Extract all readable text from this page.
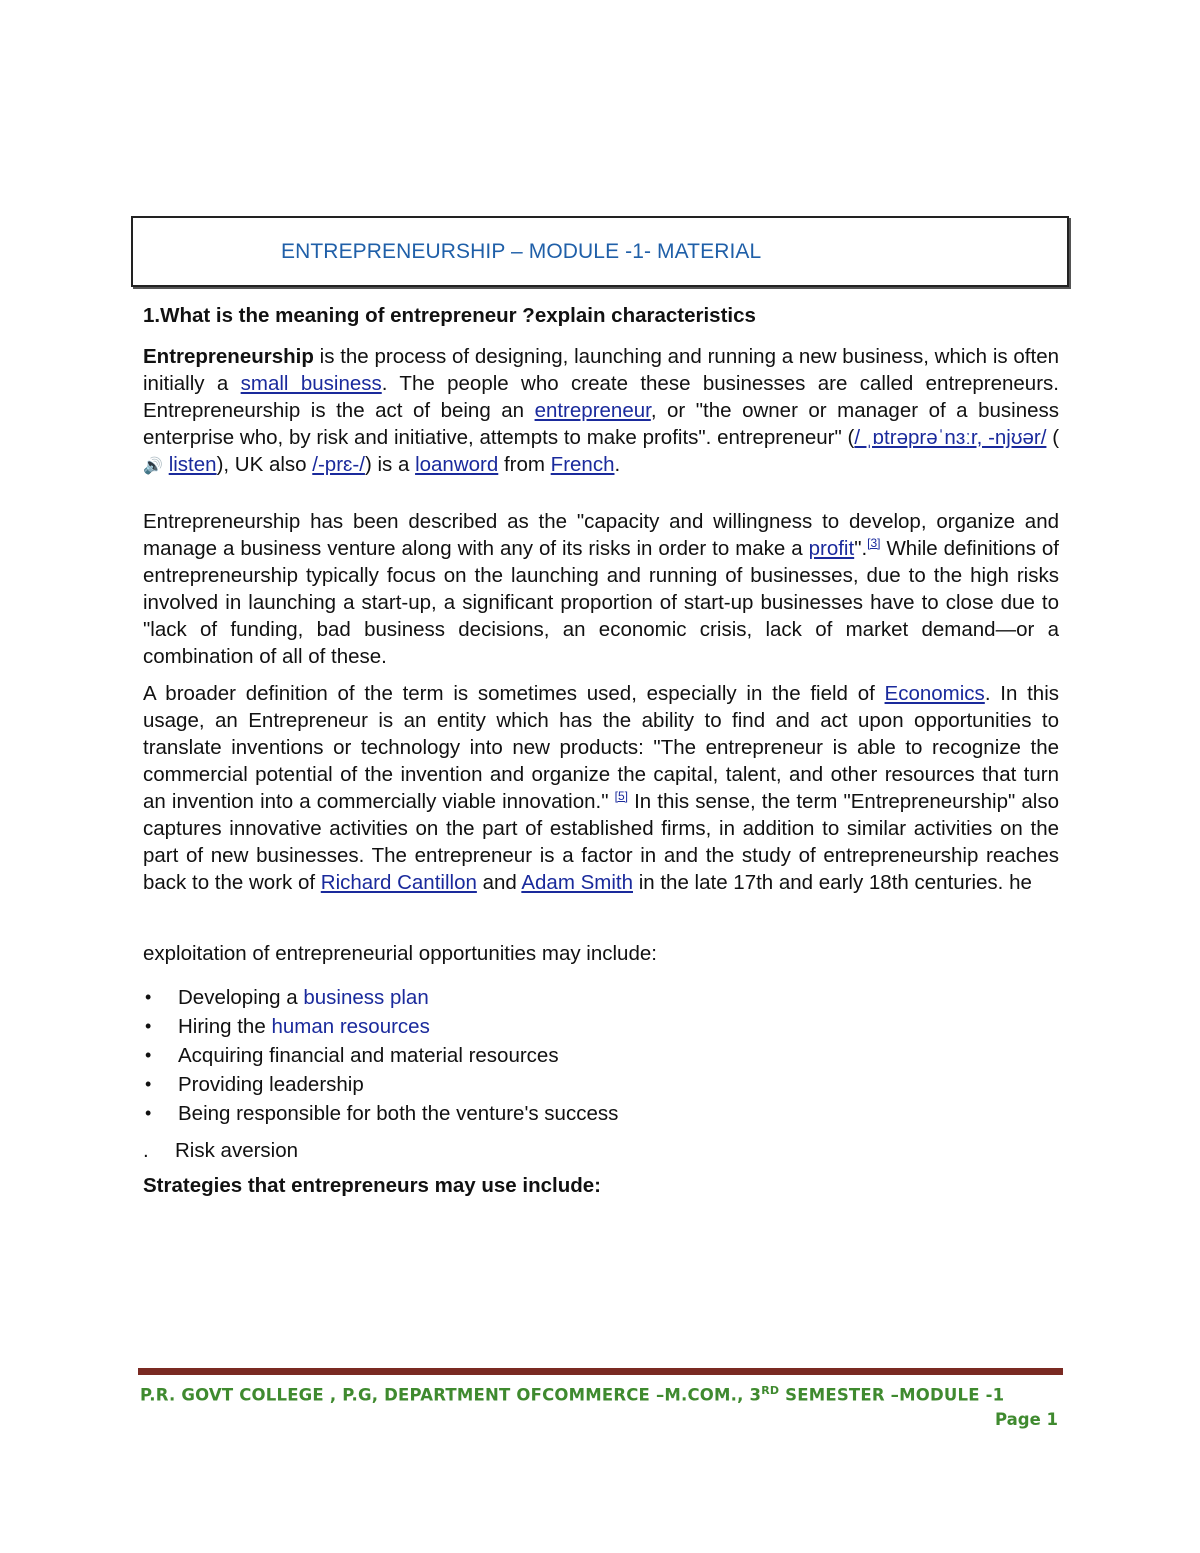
ENTREPRENEURSHIP – MODULE -1- MATERIAL

1.What is the meaning of entrepreneur ?explain characteristics

Entrepreneurship is the process of designing, launching and running a new business, which is often initially a small business. The people who create these businesses are called entrepreneurs. Entrepreneurship is the act of being an entrepreneur, or "the owner or manager of a business enterprise who, by risk and initiative, attempts to make profits". entrepreneur" (/ ˌɒtrəprəˈnɜːr, -njʊər/ ( 🔊 listen), UK also /-prɛ-/) is a loanword from French.

Entrepreneurship has been described as the "capacity and willingness to develop, organize and manage a business venture along with any of its risks in order to make a profit".[3] While definitions of entrepreneurship typically focus on the launching and running of businesses, due to the high risks involved in launching a start-up, a significant proportion of start-up businesses have to close due to "lack of funding, bad business decisions, an economic crisis, lack of market demand—or a combination of all of these.

A broader definition of the term is sometimes used, especially in the field of Economics. In this usage, an Entrepreneur is an entity which has the ability to find and act upon opportunities to translate inventions or technology into new products: "The entrepreneur is able to recognize the commercial potential of the invention and organize the capital, talent, and other resources that turn an invention into a commercially viable innovation." [5] In this sense, the term "Entrepreneurship" also captures innovative activities on the part of established firms, in addition to similar activities on the part of new businesses. The entrepreneur is a factor in and the study of entrepreneurship reaches back to the work of Richard Cantillon and Adam Smith in the late 17th and early 18th centuries. he

exploitation of entrepreneurial opportunities may include:

• Developing a business plan
• Hiring the human resources
• Acquiring financial and material resources
• Providing leadership
• Being responsible for both the venture's success
. Risk aversion
Strategies that entrepreneurs may use include:
P.R. GOVT COLLEGE , P.G, DEPARTMENT OFCOMMERCE –M.COM., 3RD SEMESTER –MODULE -1
Page 1
